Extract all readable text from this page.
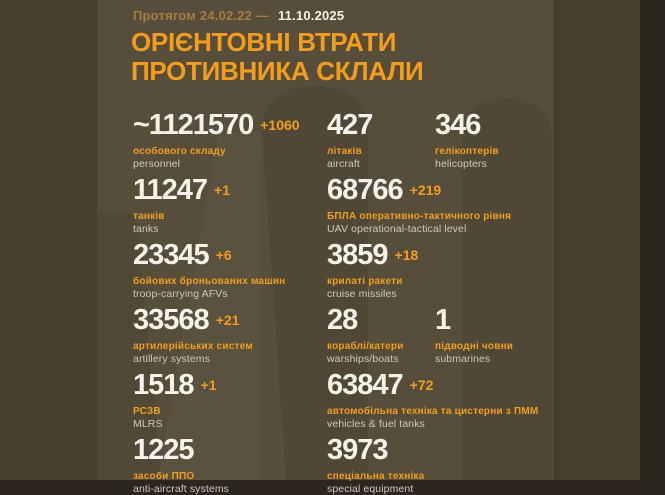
Протягом 24.02.22 — 11.10.2025
ОРІЄНТОВНІ ВТРАТИ
ПРОТИВНИКА СКЛАЛИ
~1121570 +1060
особового складу
personnel
11247 +1
танків
tanks
23345 +6
бойових броньованих машин
troop-carrying AFVs
33568 +21
артилерійських систем
artillery systems
1518 +1
РСЗВ
MLRS
1225
засоби ППО
anti-aircraft systems
427
літаків
aircraft
68766 +219
БПЛА оперативно-тактичного рівня
UAV operational-tactical level
3859 +18
крилаті ракети
cruise missiles
28
кораблі/катери
warships/boats
63847 +72
автомобільна техніка та цистерни з ПММ
vehicles & fuel tanks
3973
спеціальна техніка
special equipment
346
гелікоптерів
helicopters
1
підводні човни
submarines
